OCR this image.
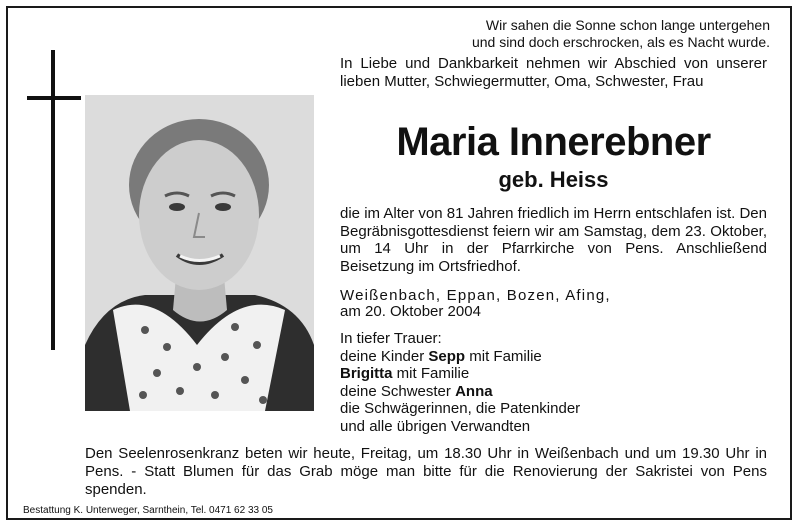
Wir sahen die Sonne schon lange untergehen
und sind doch erschrocken, als es Nacht wurde.
In Liebe und Dankbarkeit nehmen wir Abschied von unserer lieben Mutter, Schwiegermutter, Oma, Schwester, Frau
Maria Innerebner
geb. Heiss
die im Alter von 81 Jahren friedlich im Herrn entschlafen ist. Den Begräbnisgottesdienst feiern wir am Samstag, dem 23. Oktober, um 14 Uhr in der Pfarrkirche von Pens. Anschließend Beisetzung im Ortsfriedhof.
Weißenbach, Eppan, Bozen, Afing,
am 20. Oktober 2004
In tiefer Trauer:
deine Kinder Sepp mit Familie
Brigitta mit Familie
deine Schwester Anna
die Schwägerinnen, die Patenkinder
und alle übrigen Verwandten
Den Seelenrosenkranz beten wir heute, Freitag, um 18.30 Uhr in Weißenbach und um 19.30 Uhr in Pens. - Statt Blumen für das Grab möge man bitte für die Renovierung der Sakristei von Pens spenden.
Bestattung K. Unterweger, Sarnthein, Tel. 0471 62 33 05
